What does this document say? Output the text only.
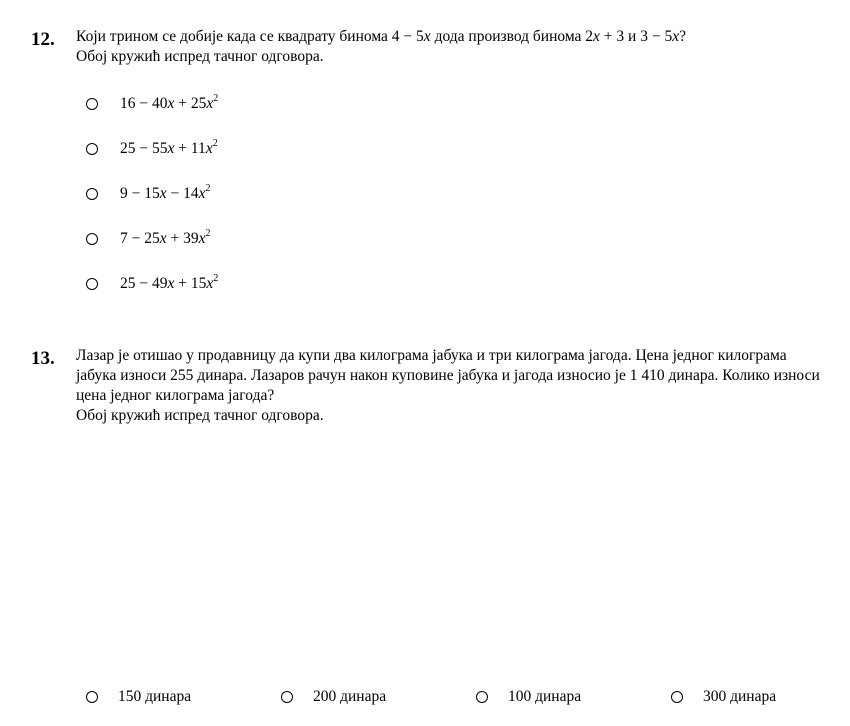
12. Који трином се добије када се квадрату бинома 4 − 5x дода производ бинома 2x + 3 и 3 − 5x?

Обој кружић испред тачног одговора.

$16 - 40x + 25x^2$
$25 - 55x + 11x^2$
$9 - 15x - 14x^2$
$7 - 25x + 39x^2$
$25 - 49x + 15x^2$
13. Лазар је отишао у продавницу да купи два килограма јабука и три килограма јагода. Цена једног килограма

јабука износи 255 динара. Лазаров рачун након куповине јабука и јагода износио је 1 410 динара. Колико износи

цена једног килограма јагода?

Обој кружић испред тачног одговора.

150 динара	200 динара	100 динара	300 динара
